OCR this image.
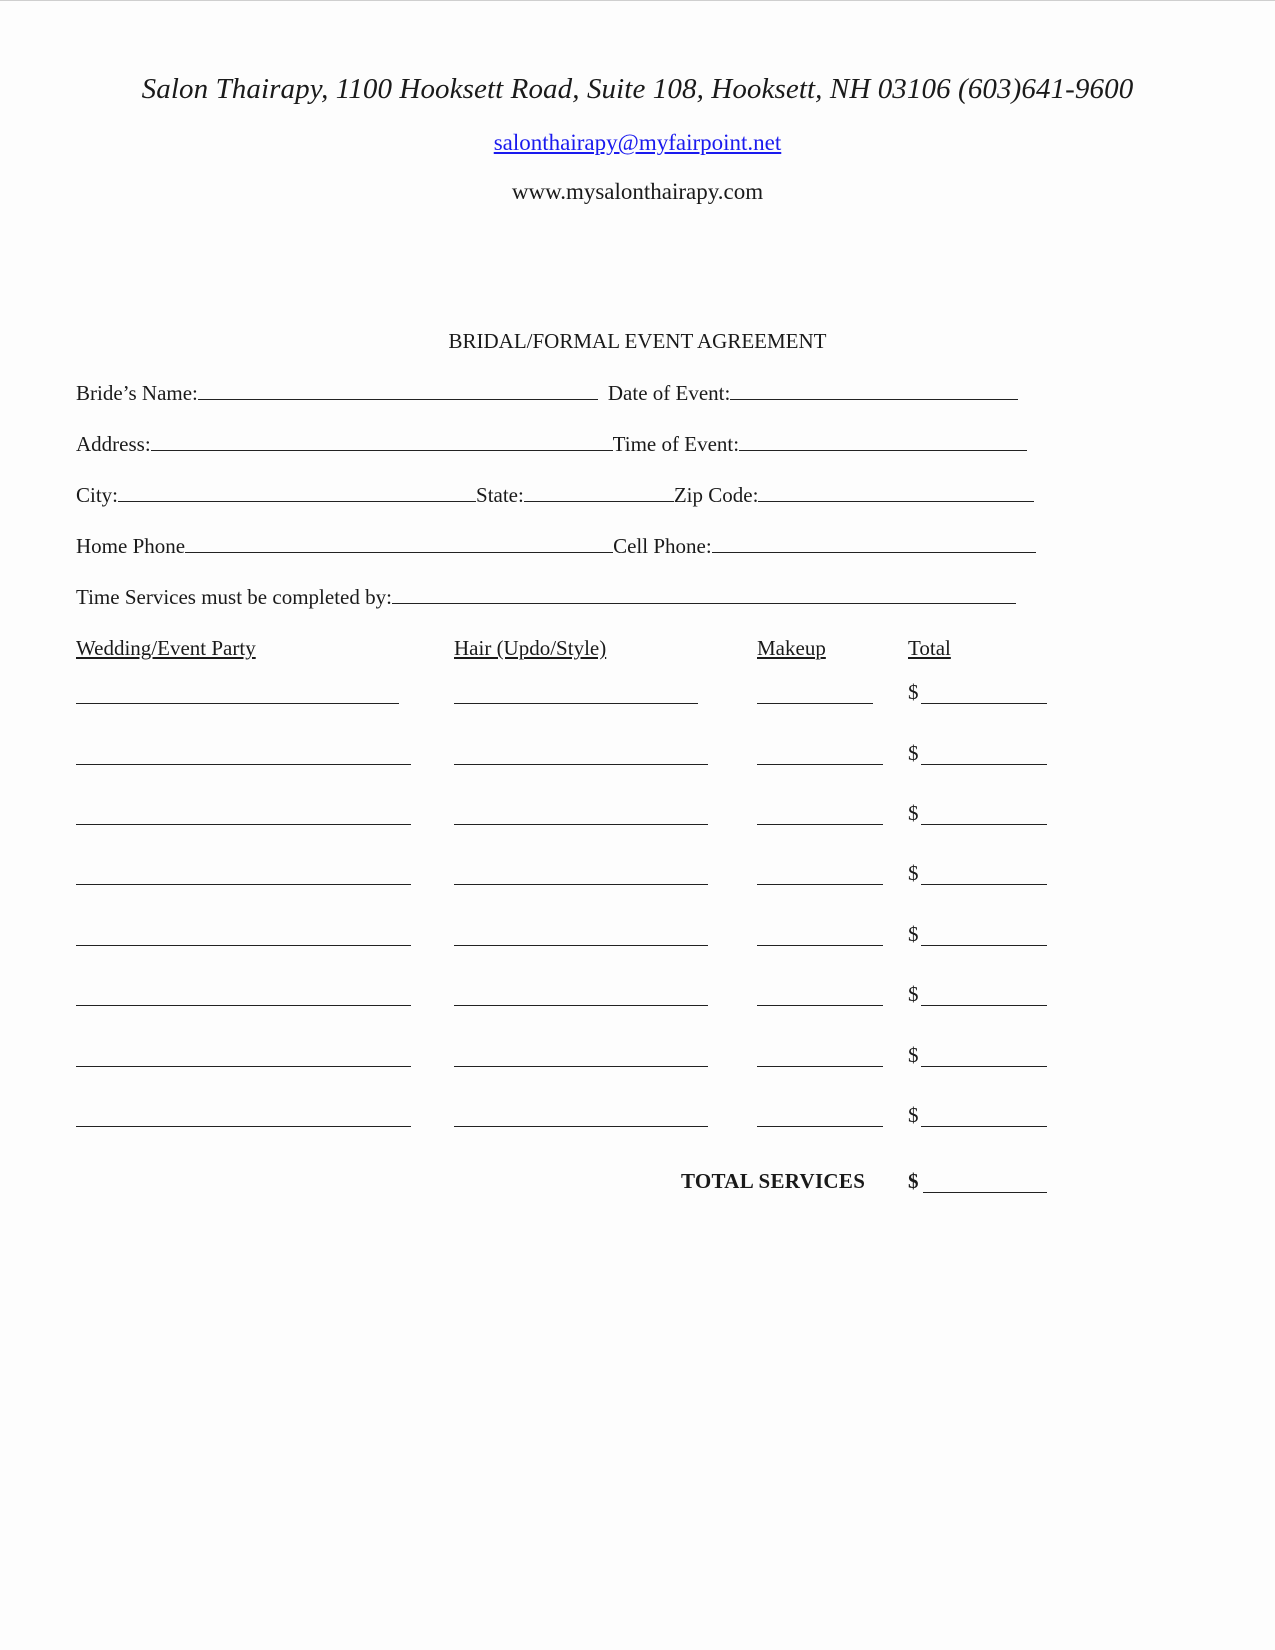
Salon Thairapy, 1100 Hooksett Road, Suite 108, Hooksett, NH 03106 (603)641-9600
salonthairapy@myfairpoint.net
www.mysalonthairapy.com
BRIDAL/FORMAL EVENT AGREEMENT
Bride’s Name:	Date of Event:
Address:	Time of Event:
City:	State:	Zip Code:
Home Phone	Cell Phone:
Time Services must be completed by:
Wedding/Event Party	Hair (Updo/Style)	Makeup	Total
$
$
$
$
$
$
$
$
TOTAL SERVICES $
